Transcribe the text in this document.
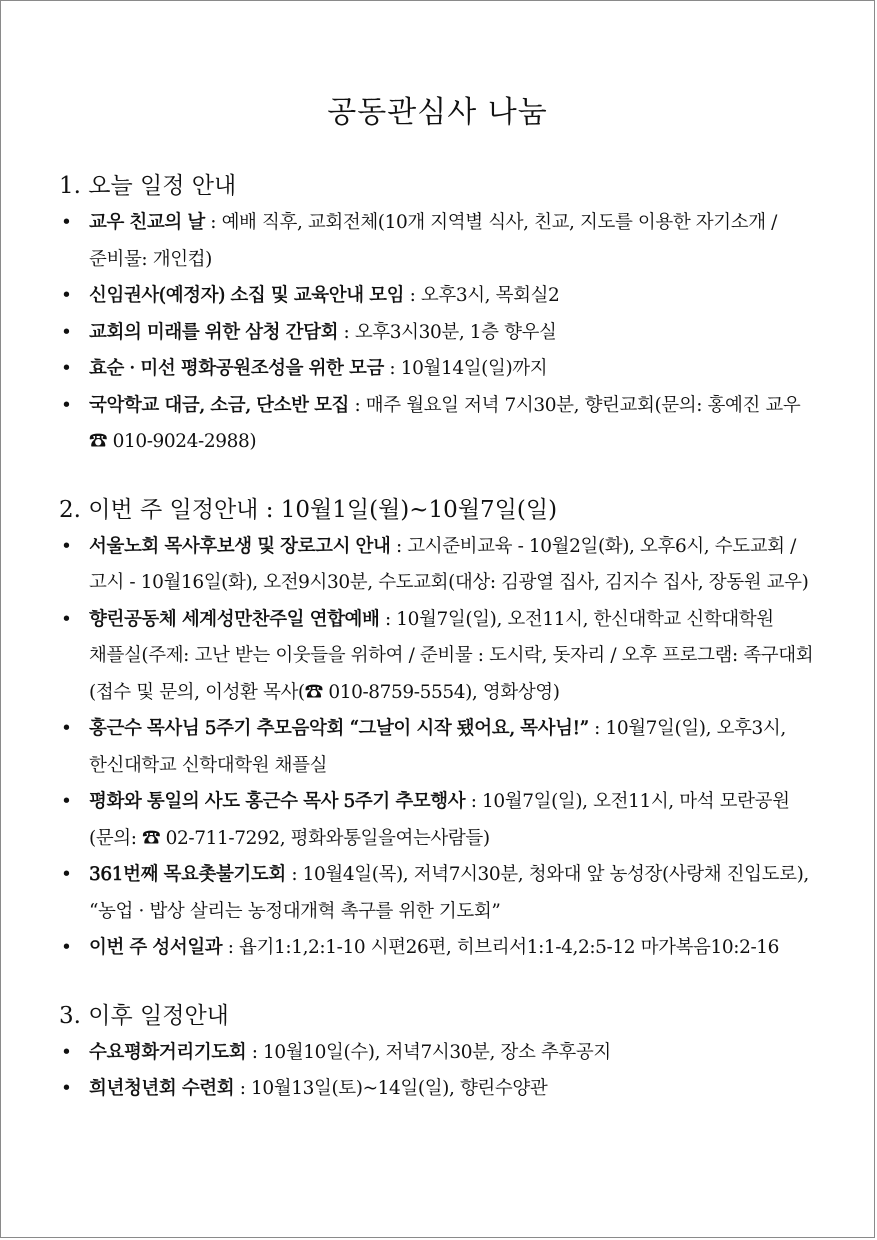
공동관심사 나눔
1. 오늘 일정 안내
• 교우 친교의 날 : 예배 직후, 교회전체(10개 지역별 식사, 친교, 지도를 이용한 자기소개 / 준비물: 개인컵)
• 신임권사(예정자) 소집 및 교육안내 모임 : 오후3시, 목회실2
• 교회의 미래를 위한 삼청 간담회 : 오후3시30분, 1층 향우실
• 효순 · 미선 평화공원조성을 위한 모금 : 10월14일(일)까지
• 국악학교 대금, 소금, 단소반 모집 : 매주 월요일 저녁 7시30분, 향린교회(문의: 홍예진 교우 ☎ 010-9024-2988)
2. 이번 주 일정안내 : 10월1일(월)~10월7일(일)
• 서울노회 목사후보생 및 장로고시 안내 : 고시준비교육 - 10월2일(화), 오후6시, 수도교회 / 고시 - 10월16일(화), 오전9시30분, 수도교회(대상: 김광열 집사, 김지수 집사, 장동원 교우)
• 향린공동체 세계성만찬주일 연합예배 : 10월7일(일), 오전11시, 한신대학교 신학대학원 채플실(주제: 고난 받는 이웃들을 위하여 / 준비물 : 도시락, 돗자리 / 오후 프로그램: 족구대회(접수 및 문의, 이성환 목사(☎ 010-8759-5554), 영화상영)
• 홍근수 목사님 5주기 추모음악회 “그날이 시작 됐어요, 목사님!” : 10월7일(일), 오후3시, 한신대학교 신학대학원 채플실
• 평화와 통일의 사도 홍근수 목사 5주기 추모행사 : 10월7일(일), 오전11시, 마석 모란공원(문의: ☎ 02-711-7292, 평화와통일을여는사람들)
• 361번째 목요촛불기도회 : 10월4일(목), 저녁7시30분, 청와대 앞 농성장(사랑채 진입도로), “농업 · 밥상 살리는 농정대개혁 촉구를 위한 기도회”
• 이번 주 성서일과 : 욥기1:1,2:1-10 시편26편, 히브리서1:1-4,2:5-12 마가복음10:2-16
3. 이후 일정안내
• 수요평화거리기도회 : 10월10일(수), 저녁7시30분, 장소 추후공지
• 희년청년회 수련회 : 10월13일(토)~14일(일), 향린수양관
